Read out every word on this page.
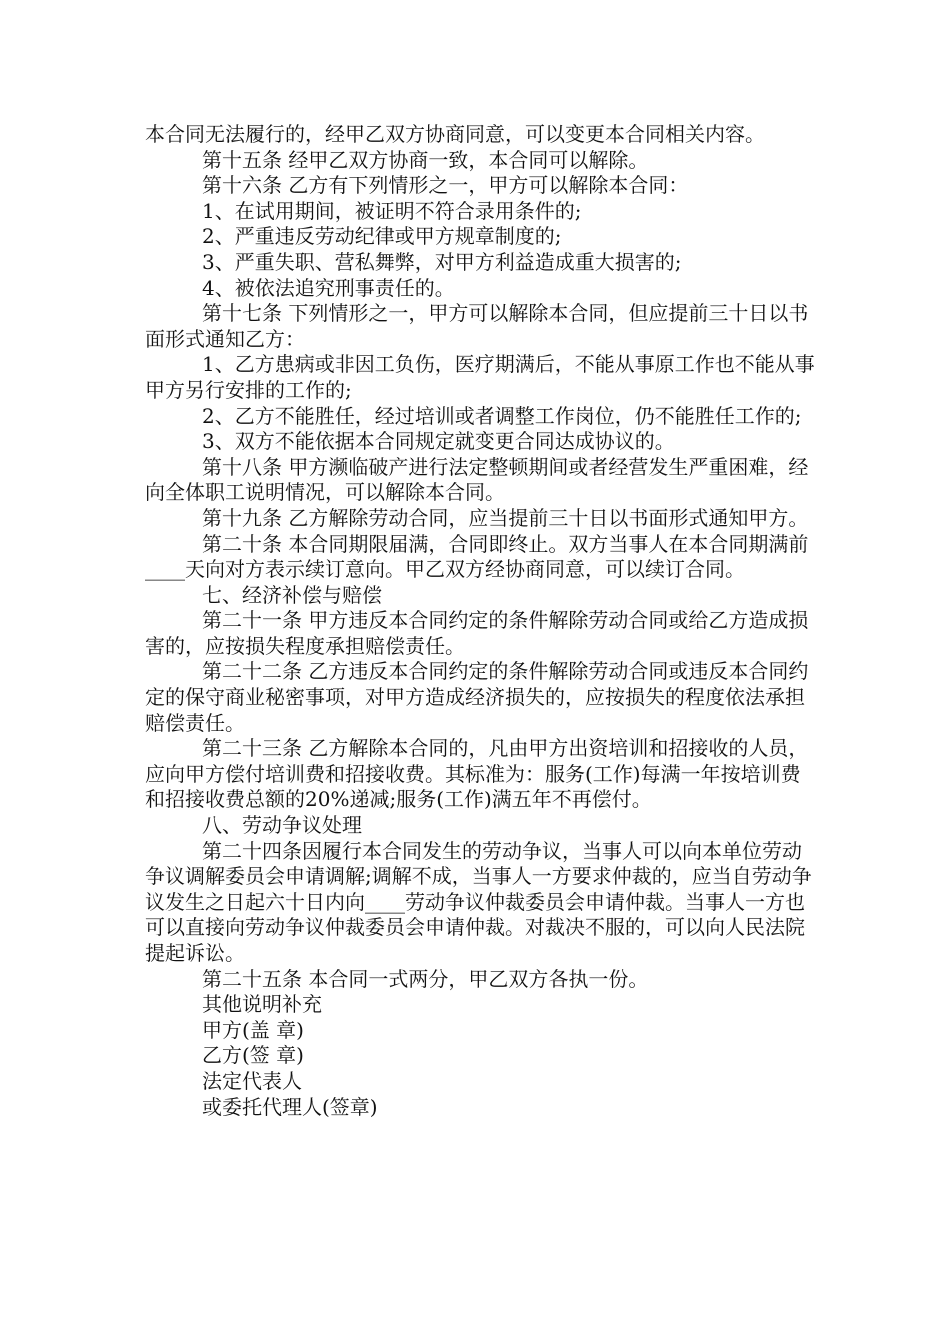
本合同无法履行的，经甲乙双方协商同意，可以变更本合同相关内容。

第十五条 经甲乙双方协商一致，本合同可以解除。

第十六条 乙方有下列情形之一，甲方可以解除本合同：

1、在试用期间，被证明不符合录用条件的;

2、严重违反劳动纪律或甲方规章制度的;

3、严重失职、营私舞弊，对甲方利益造成重大损害的;

4、被依法追究刑事责任的。

第十七条 下列情形之一，甲方可以解除本合同，但应提前三十日以书面形式通知乙方：

1、乙方患病或非因工负伤，医疗期满后，不能从事原工作也不能从事甲方另行安排的工作的;

2、乙方不能胜任，经过培训或者调整工作岗位，仍不能胜任工作的;

3、双方不能依据本合同规定就变更合同达成协议的。

第十八条 甲方濒临破产进行法定整顿期间或者经营发生严重困难，经向全体职工说明情况，可以解除本合同。

第十九条 乙方解除劳动合同，应当提前三十日以书面形式通知甲方。

第二十条 本合同期限届满，合同即终止。双方当事人在本合同期满前____天向对方表示续订意向。甲乙双方经协商同意，可以续订合同。

七、经济补偿与赔偿

第二十一条 甲方违反本合同约定的条件解除劳动合同或给乙方造成损害的，应按损失程度承担赔偿责任。

第二十二条 乙方违反本合同约定的条件解除劳动合同或违反本合同约定的保守商业秘密事项，对甲方造成经济损失的，应按损失的程度依法承担赔偿责任。

第二十三条 乙方解除本合同的，凡由甲方出资培训和招接收的人员，应向甲方偿付培训费和招接收费。其标准为：服务(工作)每满一年按培训费和招接收费总额的20%递减;服务(工作)满五年不再偿付。

八、劳动争议处理

第二十四条因履行本合同发生的劳动争议，当事人可以向本单位劳动争议调解委员会申请调解;调解不成，当事人一方要求仲裁的，应当自劳动争议发生之日起六十日内向____劳动争议仲裁委员会申请仲裁。当事人一方也可以直接向劳动争议仲裁委员会申请仲裁。对裁决不服的，可以向人民法院提起诉讼。

第二十五条 本合同一式两分，甲乙双方各执一份。

其他说明补充

甲方(盖 章)

乙方(签 章)

法定代表人

或委托代理人(签章)
